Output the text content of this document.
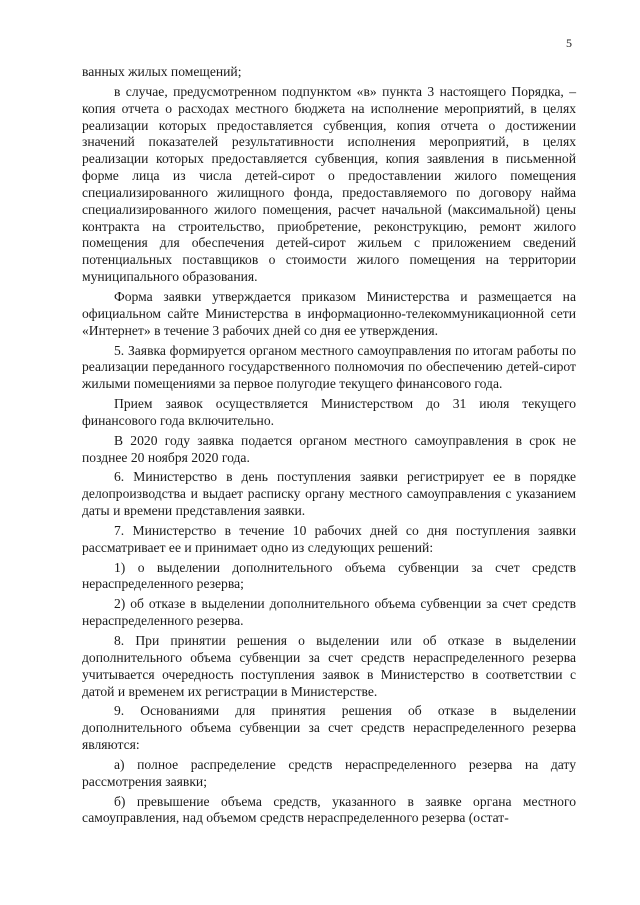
5

ванных жилых помещений;

в случае, предусмотренном подпунктом «в» пункта 3 настоящего Порядка, – копия отчета о расходах местного бюджета на исполнение мероприятий, в целях реализации которых предоставляется субвенция, копия отчета о достижении значений показателей результативности исполнения мероприятий, в целях реализации которых предоставляется субвенция, копия заявления в письменной форме лица из числа детей-сирот о предоставлении жилого помещения специализированного жилищного фонда, предоставляемого по договору найма специализированного жилого помещения, расчет начальной (максимальной) цены контракта на строительство, приобретение, реконструкцию, ремонт жилого помещения для обеспечения детей-сирот жильем с приложением сведений потенциальных поставщиков о стоимости жилого помещения на территории муниципального образования.

Форма заявки утверждается приказом Министерства и размещается на официальном сайте Министерства в информационно-телекоммуникационной сети «Интернет» в течение 3 рабочих дней со дня ее утверждения.

5. Заявка формируется органом местного самоуправления по итогам работы по реализации переданного государственного полномочия по обеспечению детей-сирот жилыми помещениями за первое полугодие текущего финансового года.

Прием заявок осуществляется Министерством до 31 июля текущего финансового года включительно.

В 2020 году заявка подается органом местного самоуправления в срок не позднее 20 ноября 2020 года.

6. Министерство в день поступления заявки регистрирует ее в порядке делопроизводства и выдает расписку органу местного самоуправления с указанием даты и времени представления заявки.

7. Министерство в течение 10 рабочих дней со дня поступления заявки рассматривает ее и принимает одно из следующих решений:

1) о выделении дополнительного объема субвенции за счет средств нераспределенного резерва;

2) об отказе в выделении дополнительного объема субвенции за счет средств нераспределенного резерва.

8. При принятии решения о выделении или об отказе в выделении дополнительного объема субвенции за счет средств нераспределенного резерва учитывается очередность поступления заявок в Министерство в соответствии с датой и временем их регистрации в Министерстве.

9. Основаниями для принятия решения об отказе в выделении дополнительного объема субвенции за счет средств нераспределенного резерва являются:

а) полное распределение средств нераспределенного резерва на дату рассмотрения заявки;

б) превышение объема средств, указанного в заявке органа местного самоуправления, над объемом средств нераспределенного резерва (остат-
